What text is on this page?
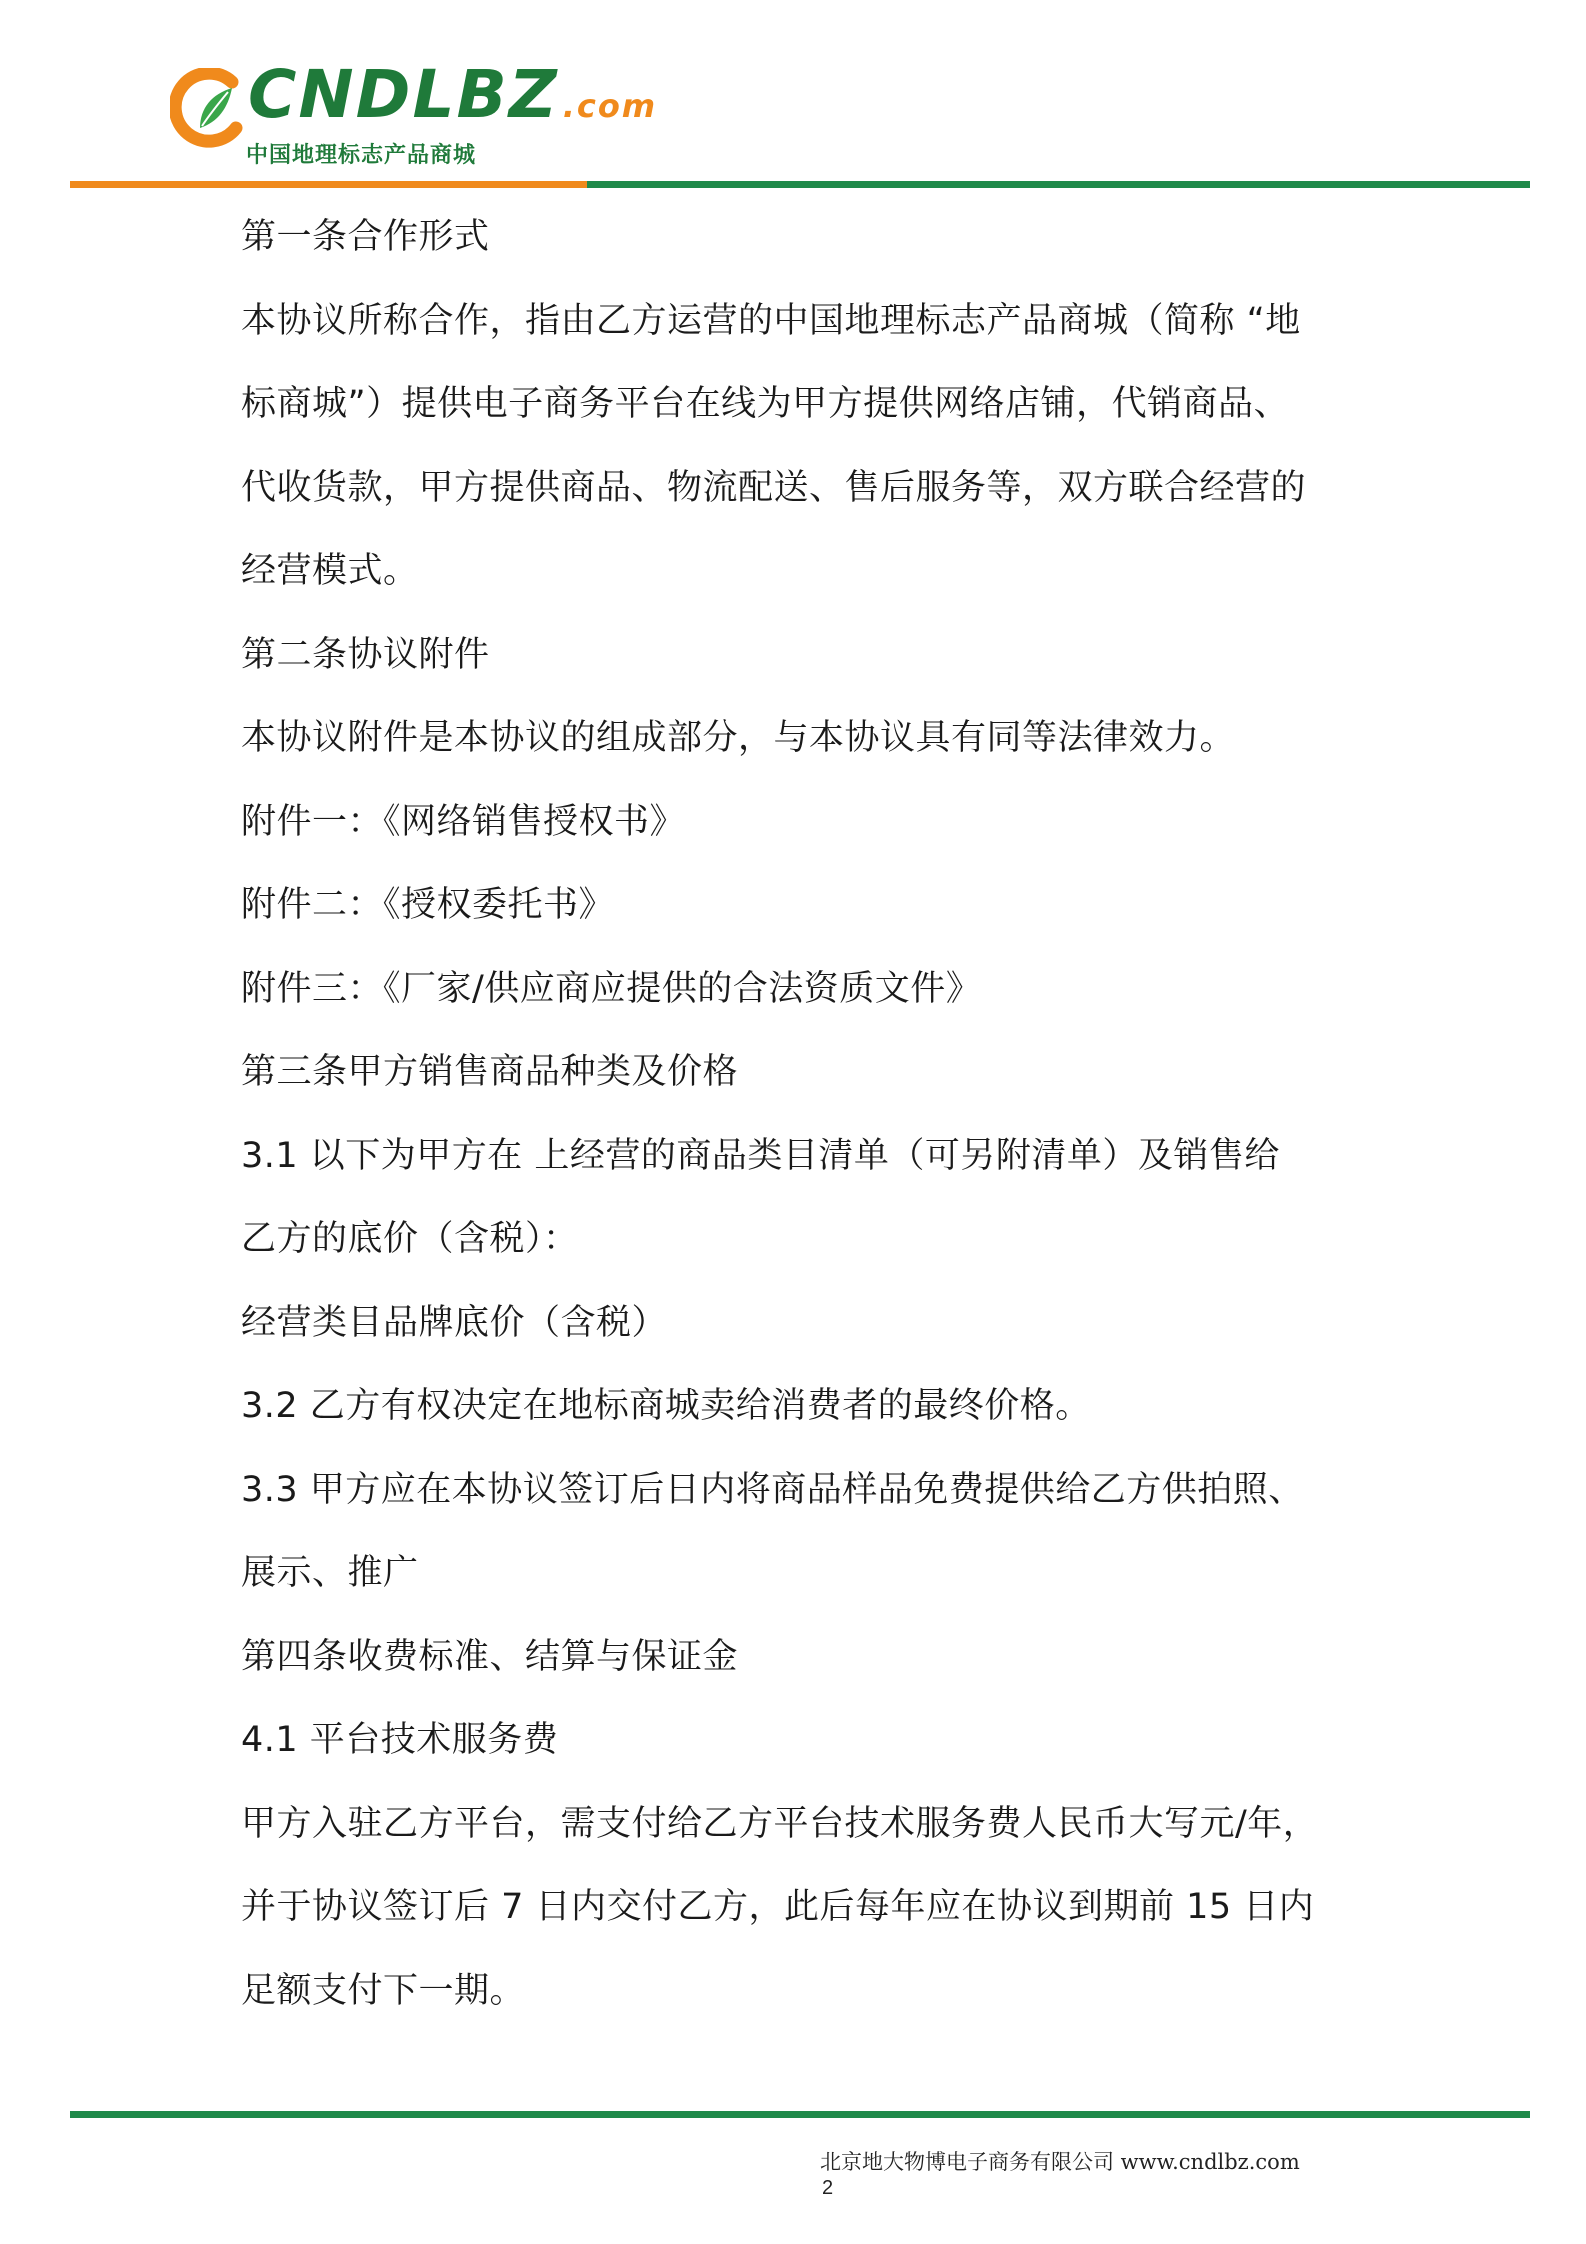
CNDLBZ .com
中国地理标志产品商城
第一条合作形式
本协议所称合作，指由乙方运营的中国地理标志产品商城（简称 “地
标商城”）提供电子商务平台在线为甲方提供网络店铺，代销商品、
代收货款，甲方提供商品、物流配送、售后服务等，双方联合经营的
经营模式。
第二条协议附件
本协议附件是本协议的组成部分，与本协议具有同等法律效力。
附件一：《网络销售授权书》
附件二：《授权委托书》
附件三：《厂家/供应商应提供的合法资质文件》
第三条甲方销售商品种类及价格
3.1 以下为甲方在 上经营的商品类目清单（可另附清单）及销售给
乙方的底价（含税）：
经营类目品牌底价（含税）
3.2 乙方有权决定在地标商城卖给消费者的最终价格。
3.3 甲方应在本协议签订后日内将商品样品免费提供给乙方供拍照、
展示、推广
第四条收费标准、结算与保证金
4.1 平台技术服务费
甲方入驻乙方平台，需支付给乙方平台技术服务费人民币大写元/年，
并于协议签订后 7 日内交付乙方，此后每年应在协议到期前 15 日内
足额支付下一期。
北京地大物博电子商务有限公司 www.cndlbz.com
2
